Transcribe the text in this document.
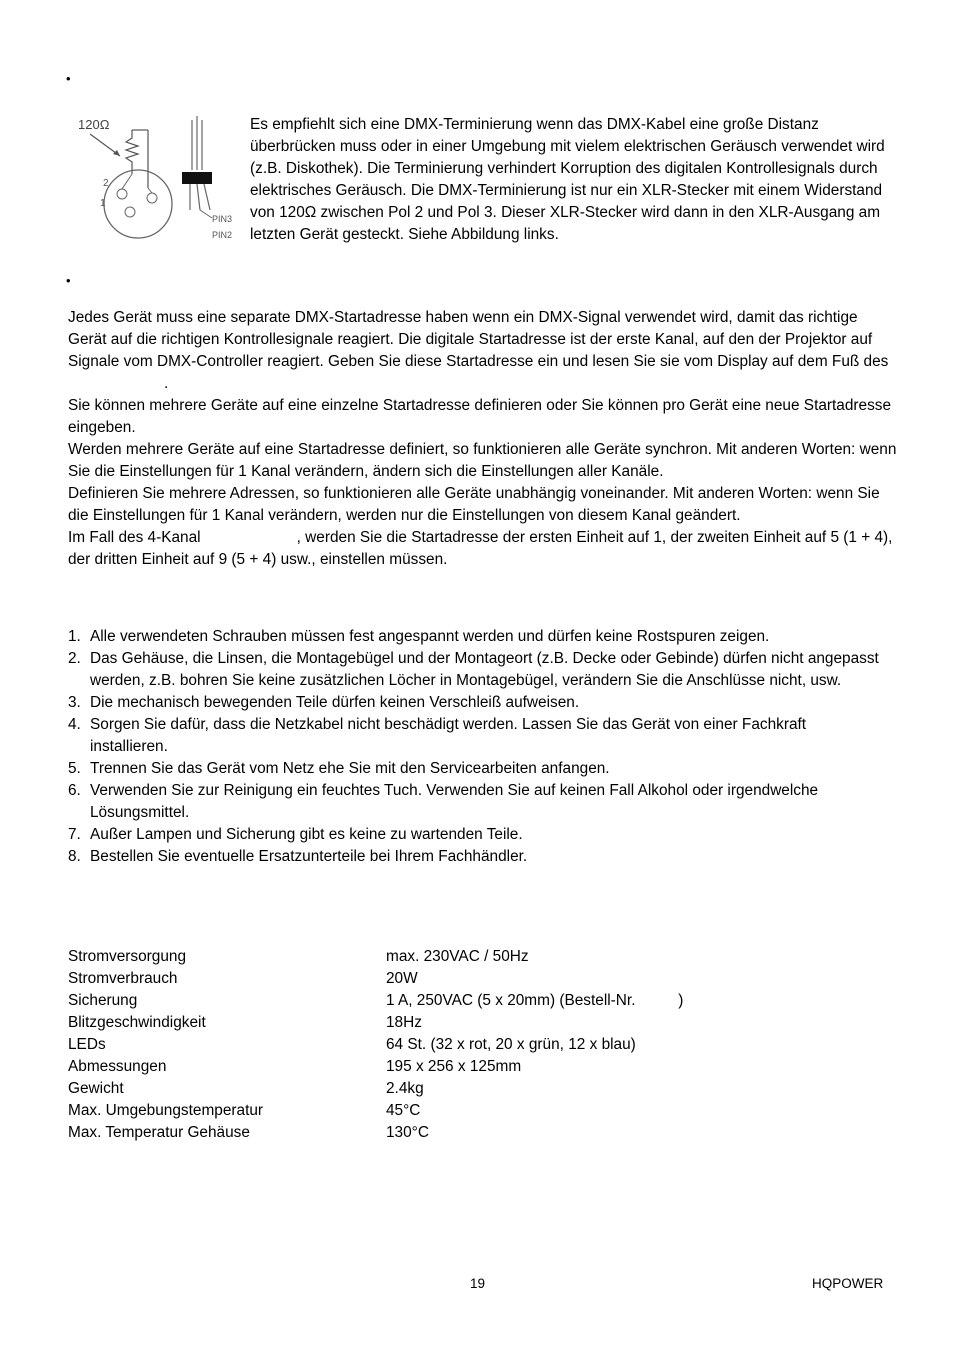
•
120Ω
2
1
PIN3
PIN2
Es empfiehlt sich eine DMX-Terminierung wenn das DMX-Kabel eine große Distanz überbrücken muss oder in einer Umgebung mit vielem elektrischen Geräusch verwendet wird (z.B. Diskothek). Die Terminierung verhindert Korruption des digitalen Kontrollesignals durch elektrisches Geräusch. Die DMX-Terminierung ist nur ein XLR-Stecker mit einem Widerstand von 120Ω zwischen Pol 2 und Pol 3. Dieser XLR-Stecker wird dann in den XLR-Ausgang am letzten Gerät gesteckt. Siehe Abbildung links.
•
Jedes Gerät muss eine separate DMX-Startadresse haben wenn ein DMX-Signal verwendet wird, damit das richtige Gerät auf die richtigen Kontrollesignale reagiert. Die digitale Startadresse ist der erste Kanal, auf den der Projektor auf Signale vom DMX-Controller reagiert. Geben Sie diese Startadresse ein und lesen Sie sie vom Display auf dem Fuß des.
Sie können mehrere Geräte auf eine einzelne Startadresse definieren oder Sie können pro Gerät eine neue Startadresse eingeben.
Werden mehrere Geräte auf eine Startadresse definiert, so funktionieren alle Geräte synchron. Mit anderen Worten: wenn Sie die Einstellungen für 1 Kanal verändern, ändern sich die Einstellungen aller Kanäle.
Definieren Sie mehrere Adressen, so funktionieren alle Geräte unabhängig voneinander. Mit anderen Worten: wenn Sie die Einstellungen für 1 Kanal verändern, werden nur die Einstellungen von diesem Kanal geändert.
Im Fall des 4-Kanal	, werden Sie die Startadresse der ersten Einheit auf 1, der zweiten Einheit auf 5 (1 + 4), der dritten Einheit auf 9 (5 + 4) usw., einstellen müssen.
1. Alle verwendeten Schrauben müssen fest angespannt werden und dürfen keine Rostspuren zeigen.
2. Das Gehäuse, die Linsen, die Montagebügel und der Montageort (z.B. Decke oder Gebinde) dürfen nicht angepasst werden, z.B. bohren Sie keine zusätzlichen Löcher in Montagebügel, verändern Sie die Anschlüsse nicht, usw.
3. Die mechanisch bewegenden Teile dürfen keinen Verschleiß aufweisen.
4. Sorgen Sie dafür, dass die Netzkabel nicht beschädigt werden. Lassen Sie das Gerät von einer Fachkraft installieren.
5. Trennen Sie das Gerät vom Netz ehe Sie mit den Servicearbeiten anfangen.
6. Verwenden Sie zur Reinigung ein feuchtes Tuch. Verwenden Sie auf keinen Fall Alkohol oder irgendwelche Lösungsmittel.
7. Außer Lampen und Sicherung gibt es keine zu wartenden Teile.
8. Bestellen Sie eventuelle Ersatzunterteile bei Ihrem Fachhändler.
Stromversorgung	max. 230VAC / 50Hz
Stromverbrauch	20W
Sicherung	1 A, 250VAC (5 x 20mm) (Bestell-Nr.          )
Blitzgeschwindigkeit	18Hz
LEDs	64 St. (32 x rot, 20 x grün, 12 x blau)
Abmessungen	195 x 256 x 125mm
Gewicht	2.4kg
Max. Umgebungstemperatur	45°C
Max. Temperatur Gehäuse	130°C
19	HQPOWER
